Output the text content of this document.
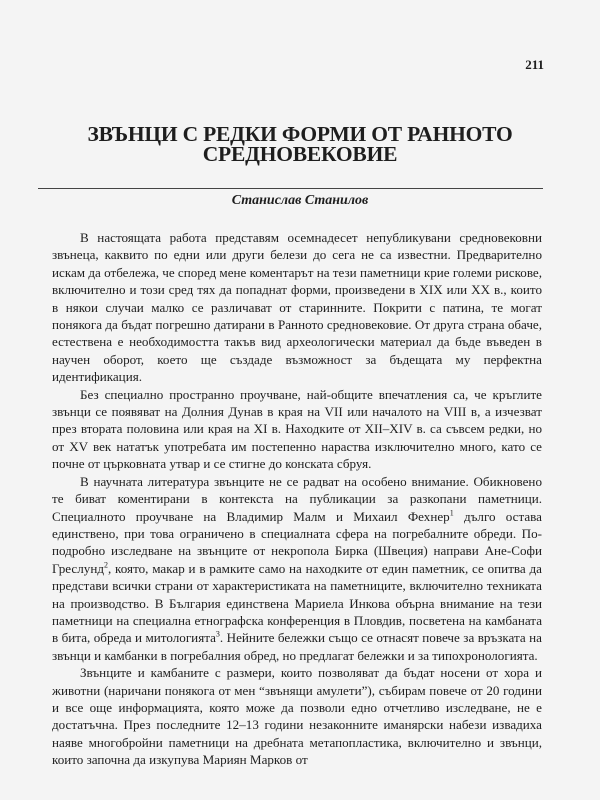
211
ЗВЪНЦИ С РЕДКИ ФОРМИ ОТ РАННОТО
СРЕДНОВЕКОВИЕ
Станислав Станилов

В настоящата работа представям осемнадесет непубликувани средновековни звънеца, каквито по едни или други белези до сега не са известни. Предварително искам да отбележа, че според мене коментарът на тези паметници крие големи рискове, включително и този сред тях да попаднат форми, произведени в XIX или XX в., които в някои случаи малко се различават от старинните. Покрити с патина, те могат понякога да бъдат погрешно датирани в Ранното средновековие. От друга страна обаче, естествена е необходимостта такъв вид археологически материал да бъде въведен в научен оборот, което ще създаде възможност за бъдещата му перфектна идентификация.

Без специално пространно проучване, най-общите впечатления са, че кръглите звънци се появяват на Долния Дунав в края на VII или началото на VIII в, а изчезват през втората половина или края на XI в. Находките от XII–XIV в. са съвсем редки, но от XV век нататък употребата им постепенно нараства изключително много, като се почне от църковната утвар и се стигне до конската сбруя.

В научната литература звънците не се радват на особено внимание. Обикновено те биват коментирани в контекста на публикации за разкопани паметници. Специалното проучване на Владимир Малм и Михаил Фехнер$^1$ дълго остава единствено, при това ограничено в специалната сфера на погребалните обреди. По-подробно изследване на звънците от некропола Бирка (Швеция) направи Ане-Софи Греслунд$^2$, която, макар и в рамките само на находките от един паметник, се опитва да представи всички страни от характеристиката на паметниците, включително техниката на производство. В България единствена Мариела Инкова обърна внимание на тези паметници на специална етнографска конференция в Пловдив, посветена на камбаната в бита, обреда и митологията$^3$. Нейните бележки също се отнасят повече за връзката на звънци и камбанки в погребалния обред, но предлагат бележки и за типохронологията.

Звънците и камбаните с размери, които позволяват да бъдат носени от хора и животни (наричани понякога от мен “звънящи амулети”), събирам повече от 20 години и все още информацията, която може да позволи едно отчетливо изследване, не е достатъчна. През последните 12–13 години незаконните иманярски набези извадиха наяве многобройни паметници на дребната метапопластика, включително и звънци, които започна да изкупува Мариян Марков от
